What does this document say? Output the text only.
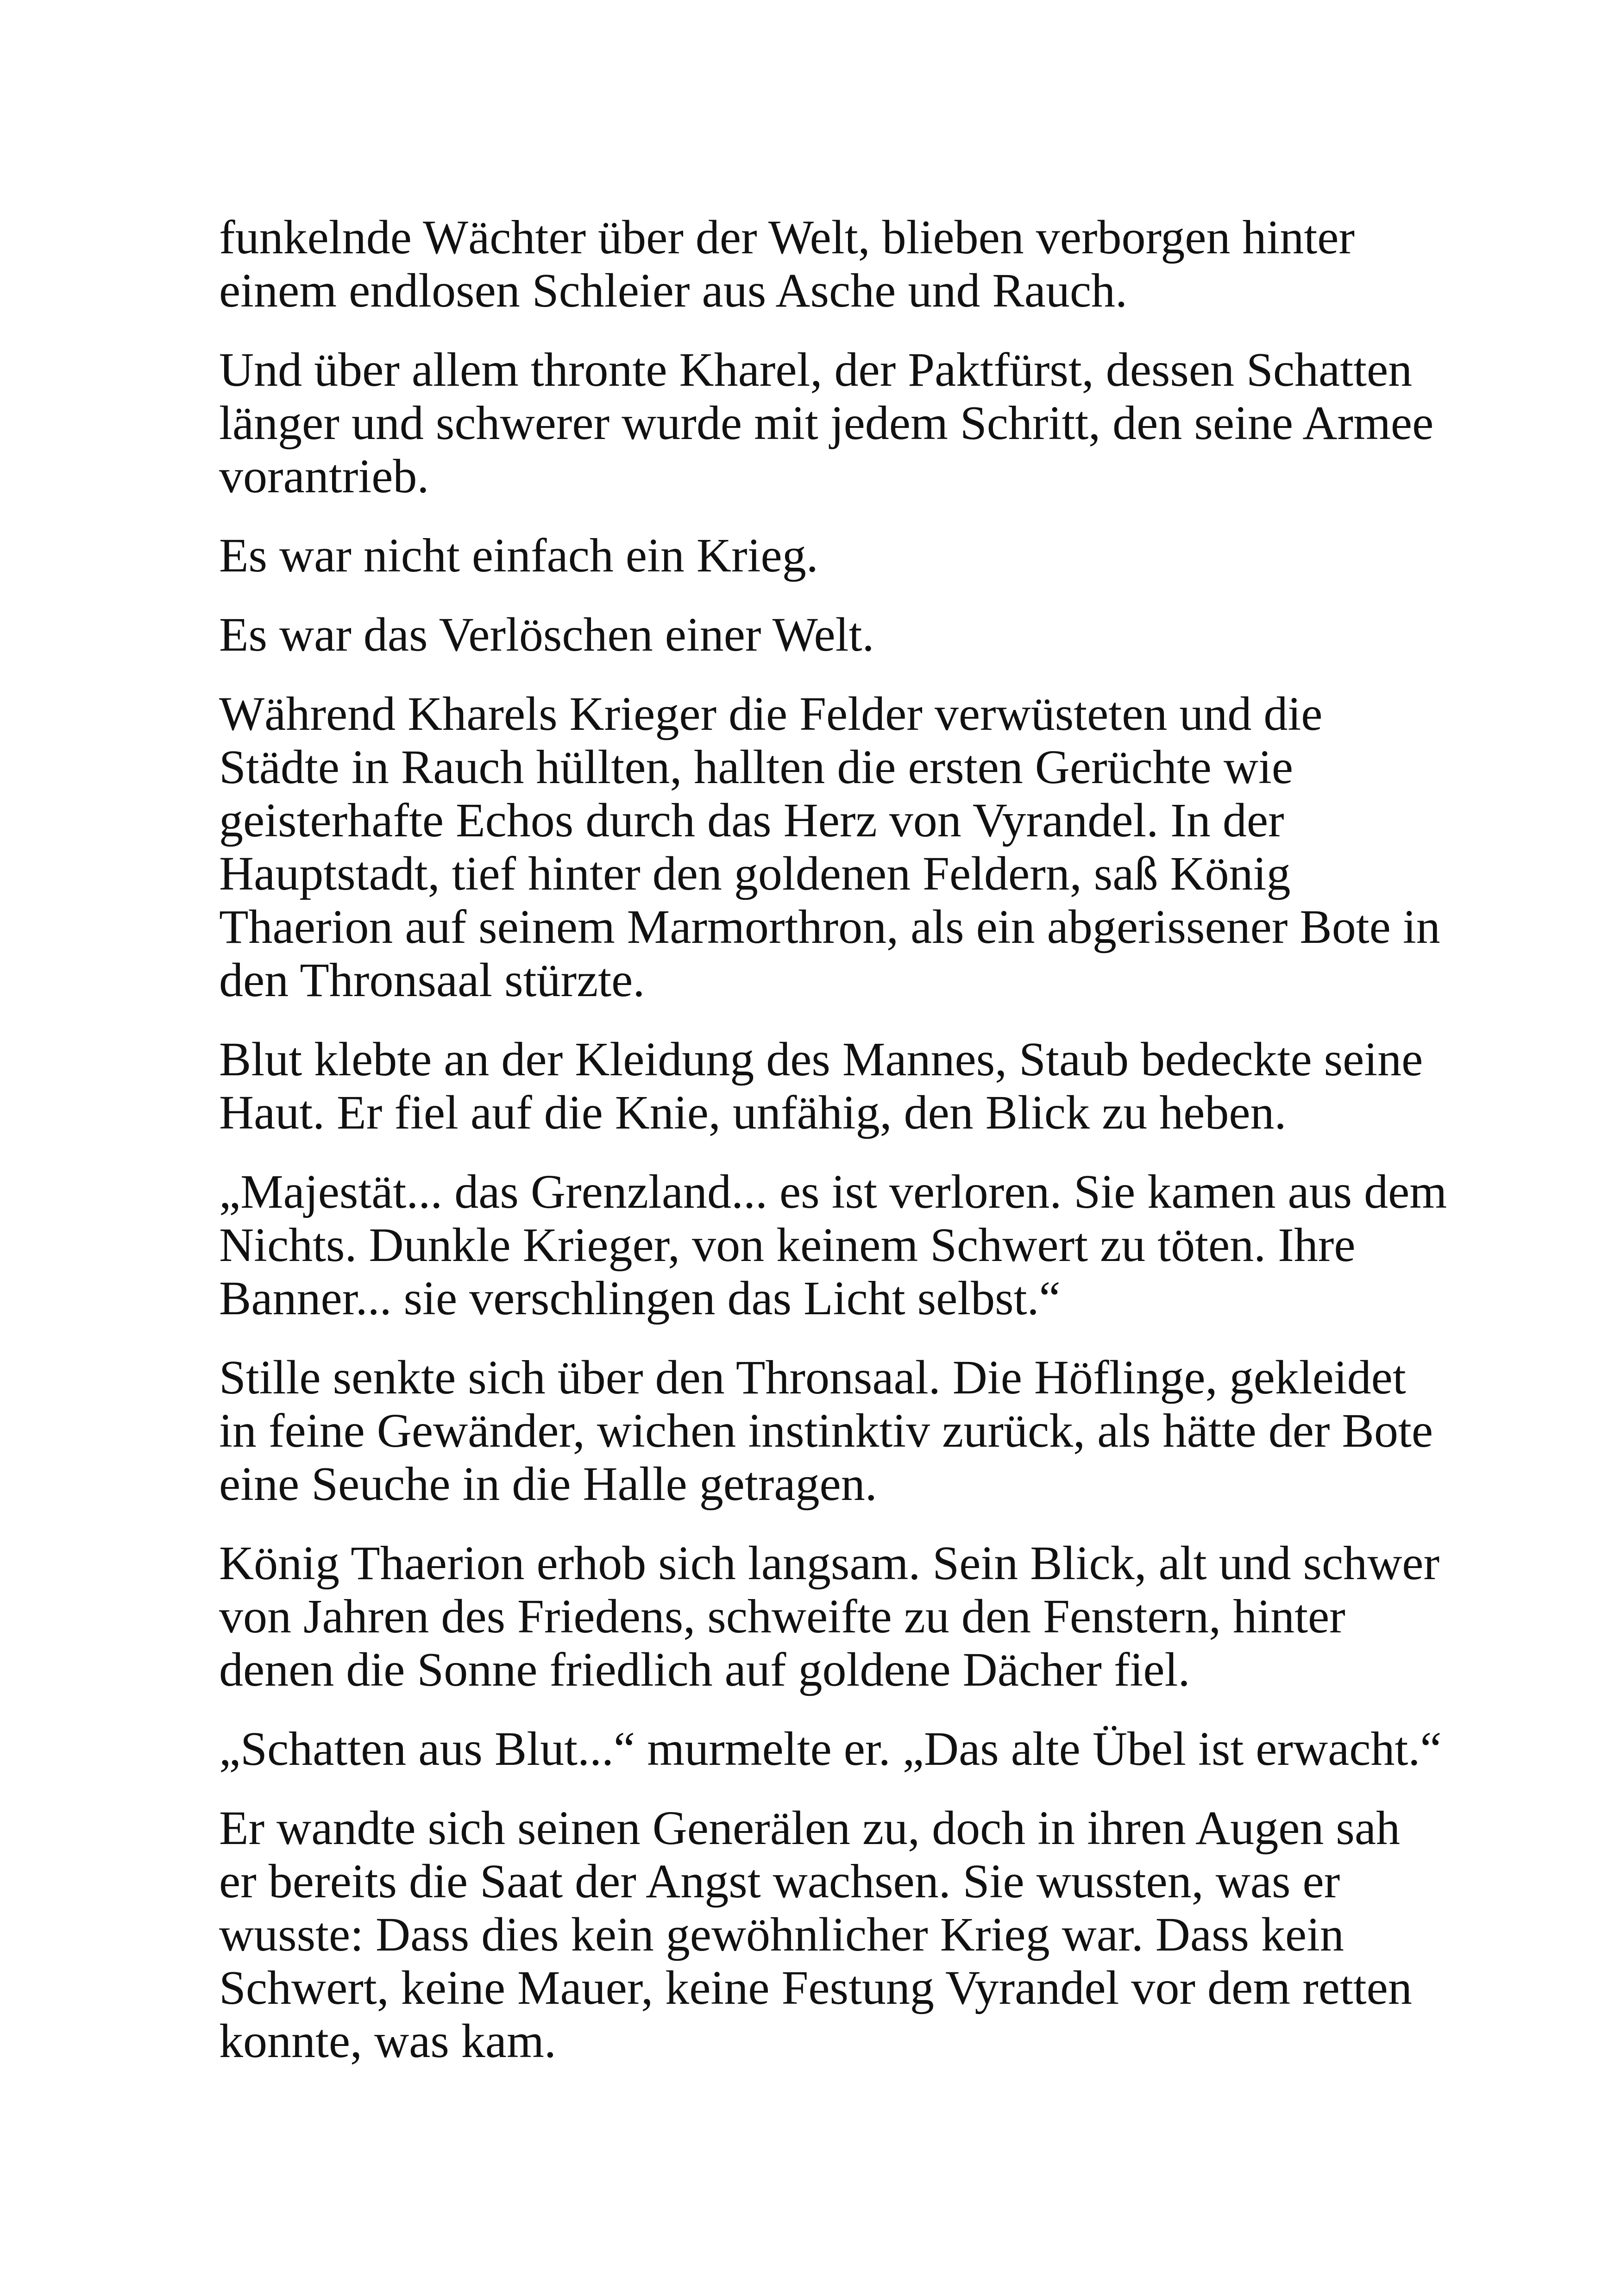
funkelnde Wächter über der Welt, blieben verborgen hinter
einem endlosen Schleier aus Asche und Rauch.

Und über allem thronte Kharel, der Paktfürst, dessen Schatten
länger und schwerer wurde mit jedem Schritt, den seine Armee
vorantrieb.

Es war nicht einfach ein Krieg.

Es war das Verlöschen einer Welt.

Während Kharels Krieger die Felder verwüsteten und die
Städte in Rauch hüllten, hallten die ersten Gerüchte wie
geisterhafte Echos durch das Herz von Vyrandel. In der
Hauptstadt, tief hinter den goldenen Feldern, saß König
Thaerion auf seinem Marmorthron, als ein abgerissener Bote in
den Thronsaal stürzte.

Blut klebte an der Kleidung des Mannes, Staub bedeckte seine
Haut. Er fiel auf die Knie, unfähig, den Blick zu heben.

„Majestät... das Grenzland... es ist verloren. Sie kamen aus dem
Nichts. Dunkle Krieger, von keinem Schwert zu töten. Ihre
Banner... sie verschlingen das Licht selbst.“

Stille senkte sich über den Thronsaal. Die Höflinge, gekleidet
in feine Gewänder, wichen instinktiv zurück, als hätte der Bote
eine Seuche in die Halle getragen.

König Thaerion erhob sich langsam. Sein Blick, alt und schwer
von Jahren des Friedens, schweifte zu den Fenstern, hinter
denen die Sonne friedlich auf goldene Dächer fiel.

„Schatten aus Blut...“ murmelte er. „Das alte Übel ist erwacht.“

Er wandte sich seinen Generälen zu, doch in ihren Augen sah
er bereits die Saat der Angst wachsen. Sie wussten, was er
wusste: Dass dies kein gewöhnlicher Krieg war. Dass kein
Schwert, keine Mauer, keine Festung Vyrandel vor dem retten
konnte, was kam.
